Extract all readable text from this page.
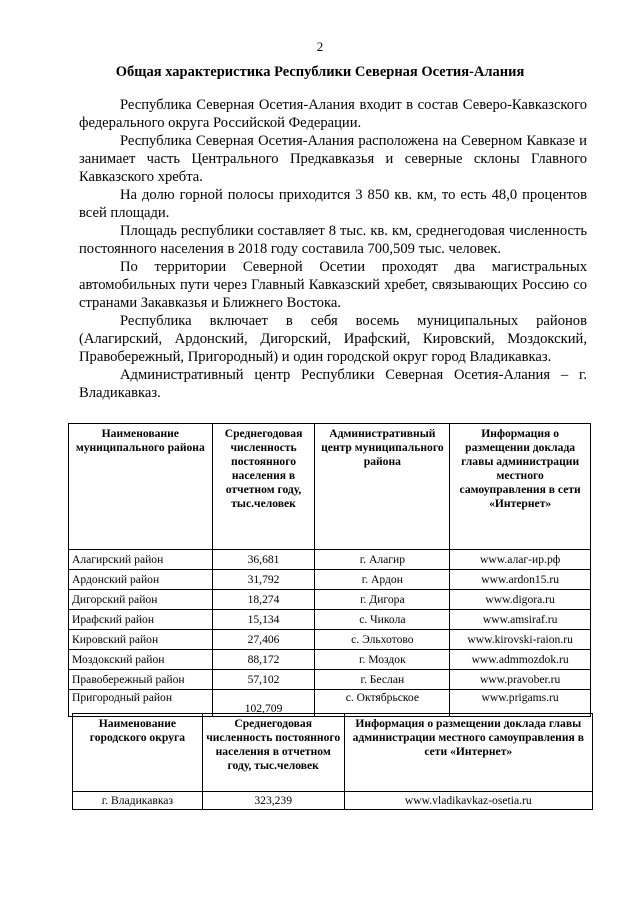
2
Общая характеристика Республики Северная Осетия-Алания

Республика Северная Осетия-Алания входит в состав Северо-Кавказского федерального округа Российской Федерации.

Республика Северная Осетия-Алания расположена на Северном Кавказе и занимает часть Центрального Предкавказья и северные склоны Главного Кавказского хребта.

На долю горной полосы приходится 3 850 кв. км, то есть 48,0 процентов всей площади.

Площадь республики составляет 8 тыс. кв. км, среднегодовая численность постоянного населения в 2018 году составила 700,509 тыс. человек.

По территории Северной Осетии проходят два магистральных автомобильных пути через Главный Кавказский хребет, связывающих Россию со странами Закавказья и Ближнего Востока.

Республика включает в себя восемь муниципальных районов (Алагирский, Ардонский, Дигорский, Ирафский, Кировский, Моздокский, Правобережный, Пригородный) и один городской округ город Владикавказ.

Административный центр Республики Северная Осетия-Алания – г. Владикавказ.

Наименование муниципального района	Среднегодовая численность постоянного населения в отчетном году, тыс.человек	Административный центр муниципального района	Информация о размещении доклада главы администрации местного самоуправления в сети «Интернет»
Алагирский район	36,681	г. Алагир	www.алаг-ир.рф
Ардонский район	31,792	г. Ардон	www.ardon15.ru
Дигорский район	18,274	г. Дигора	www.digora.ru
Ирафский район	15,134	с. Чикола	www.amsiraf.ru
Кировский район	27,406	с. Эльхотово	www.kirovski-raion.ru
Моздокский район	88,172	г. Моздок	www.admmozdok.ru
Правобережный район	57,102	г. Беслан	www.pravober.ru
Пригородный район	102,709	с. Октябрьское	www.prigams.ru
Наименование городского округа	Среднегодовая численность постоянного населения в отчетном году, тыс.человек	Информация о размещении доклада главы администрации местного самоуправления в сети «Интернет»
г. Владикавказ	323,239	www.vladikavkaz-osetia.ru
